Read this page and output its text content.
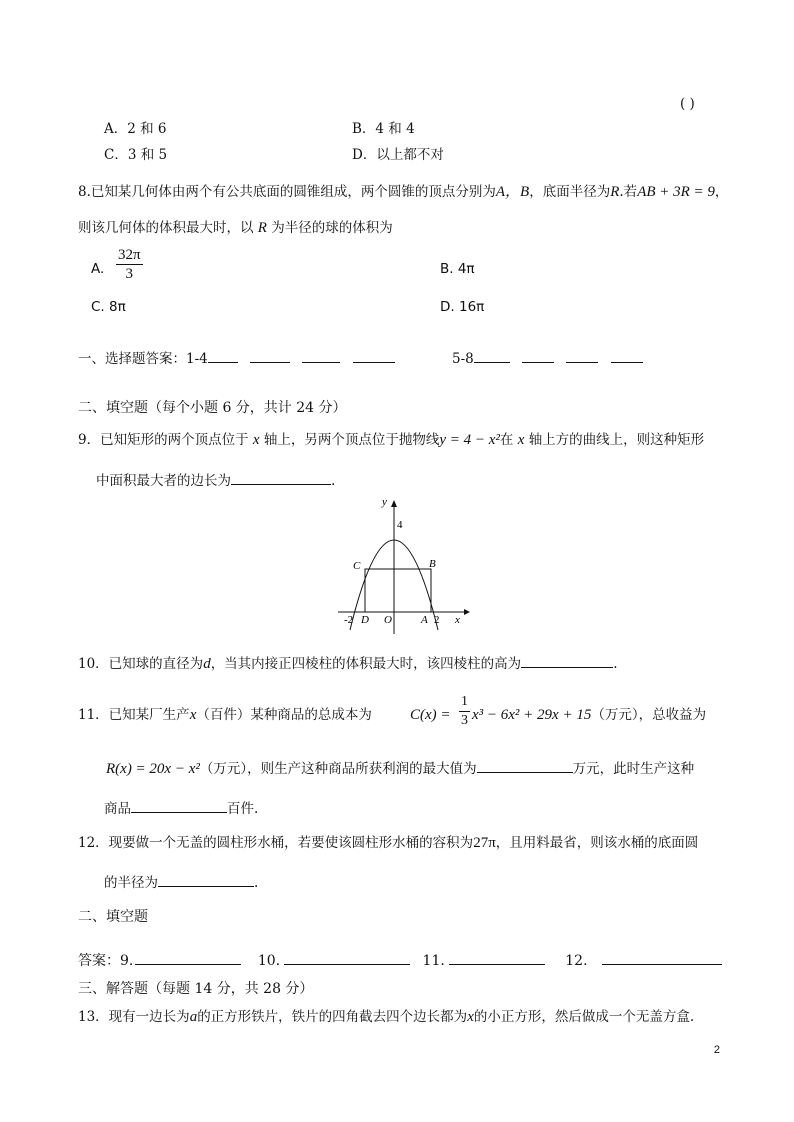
( )
A．2 和 6	B．4 和 4
C．3 和 5	D．以上都不对
8.已知某几何体由两个有公共底面的圆锥组成，两个圆锥的顶点分别为A，B，底面半径为R.若AB + 3R = 9，
则该几何体的体积最大时，以 R 为半径的球的体积为
A. $\frac{32\pi}{3}$	B. 4π
C. 8π	D. 16π
一、选择题答案：1-4	5-8
二、填空题（每个小题 6 分，共计 24 分）
9．已知矩形的两个顶点位于 x 轴上，另两个顶点位于抛物线y = 4 − x²在 x 轴上方的曲线上，则这种矩形
中面积最大者的边长为	.
y
x
4
C	B
-2 D O	A 2
10．已知球的直径为d，当其内接正四棱柱的体积最大时，该四棱柱的高为	.
11．已知某厂生产x（百件）某种商品的总成本为	$C(x) = \frac{1}{3} x^3 - 6x^2 + 29x + 15$（万元），总收益为
R(x) = 20x − x²（万元），则生产这种商品所获利润的最大值为	万元，此时生产这种
商品	百件.
12．现要做一个无盖的圆柱形水桶，若要使该圆柱形水桶的容积为27π，且用料最省，则该水桶的底面圆
的半径为	.
二、填空题
答案：9.	10.	11.	12.
三、解答题（每题 14 分，共 28 分）
13．现有一边长为a的正方形铁片，铁片的四角截去四个边长都为x的小正方形，然后做成一个无盖方盒.
2
